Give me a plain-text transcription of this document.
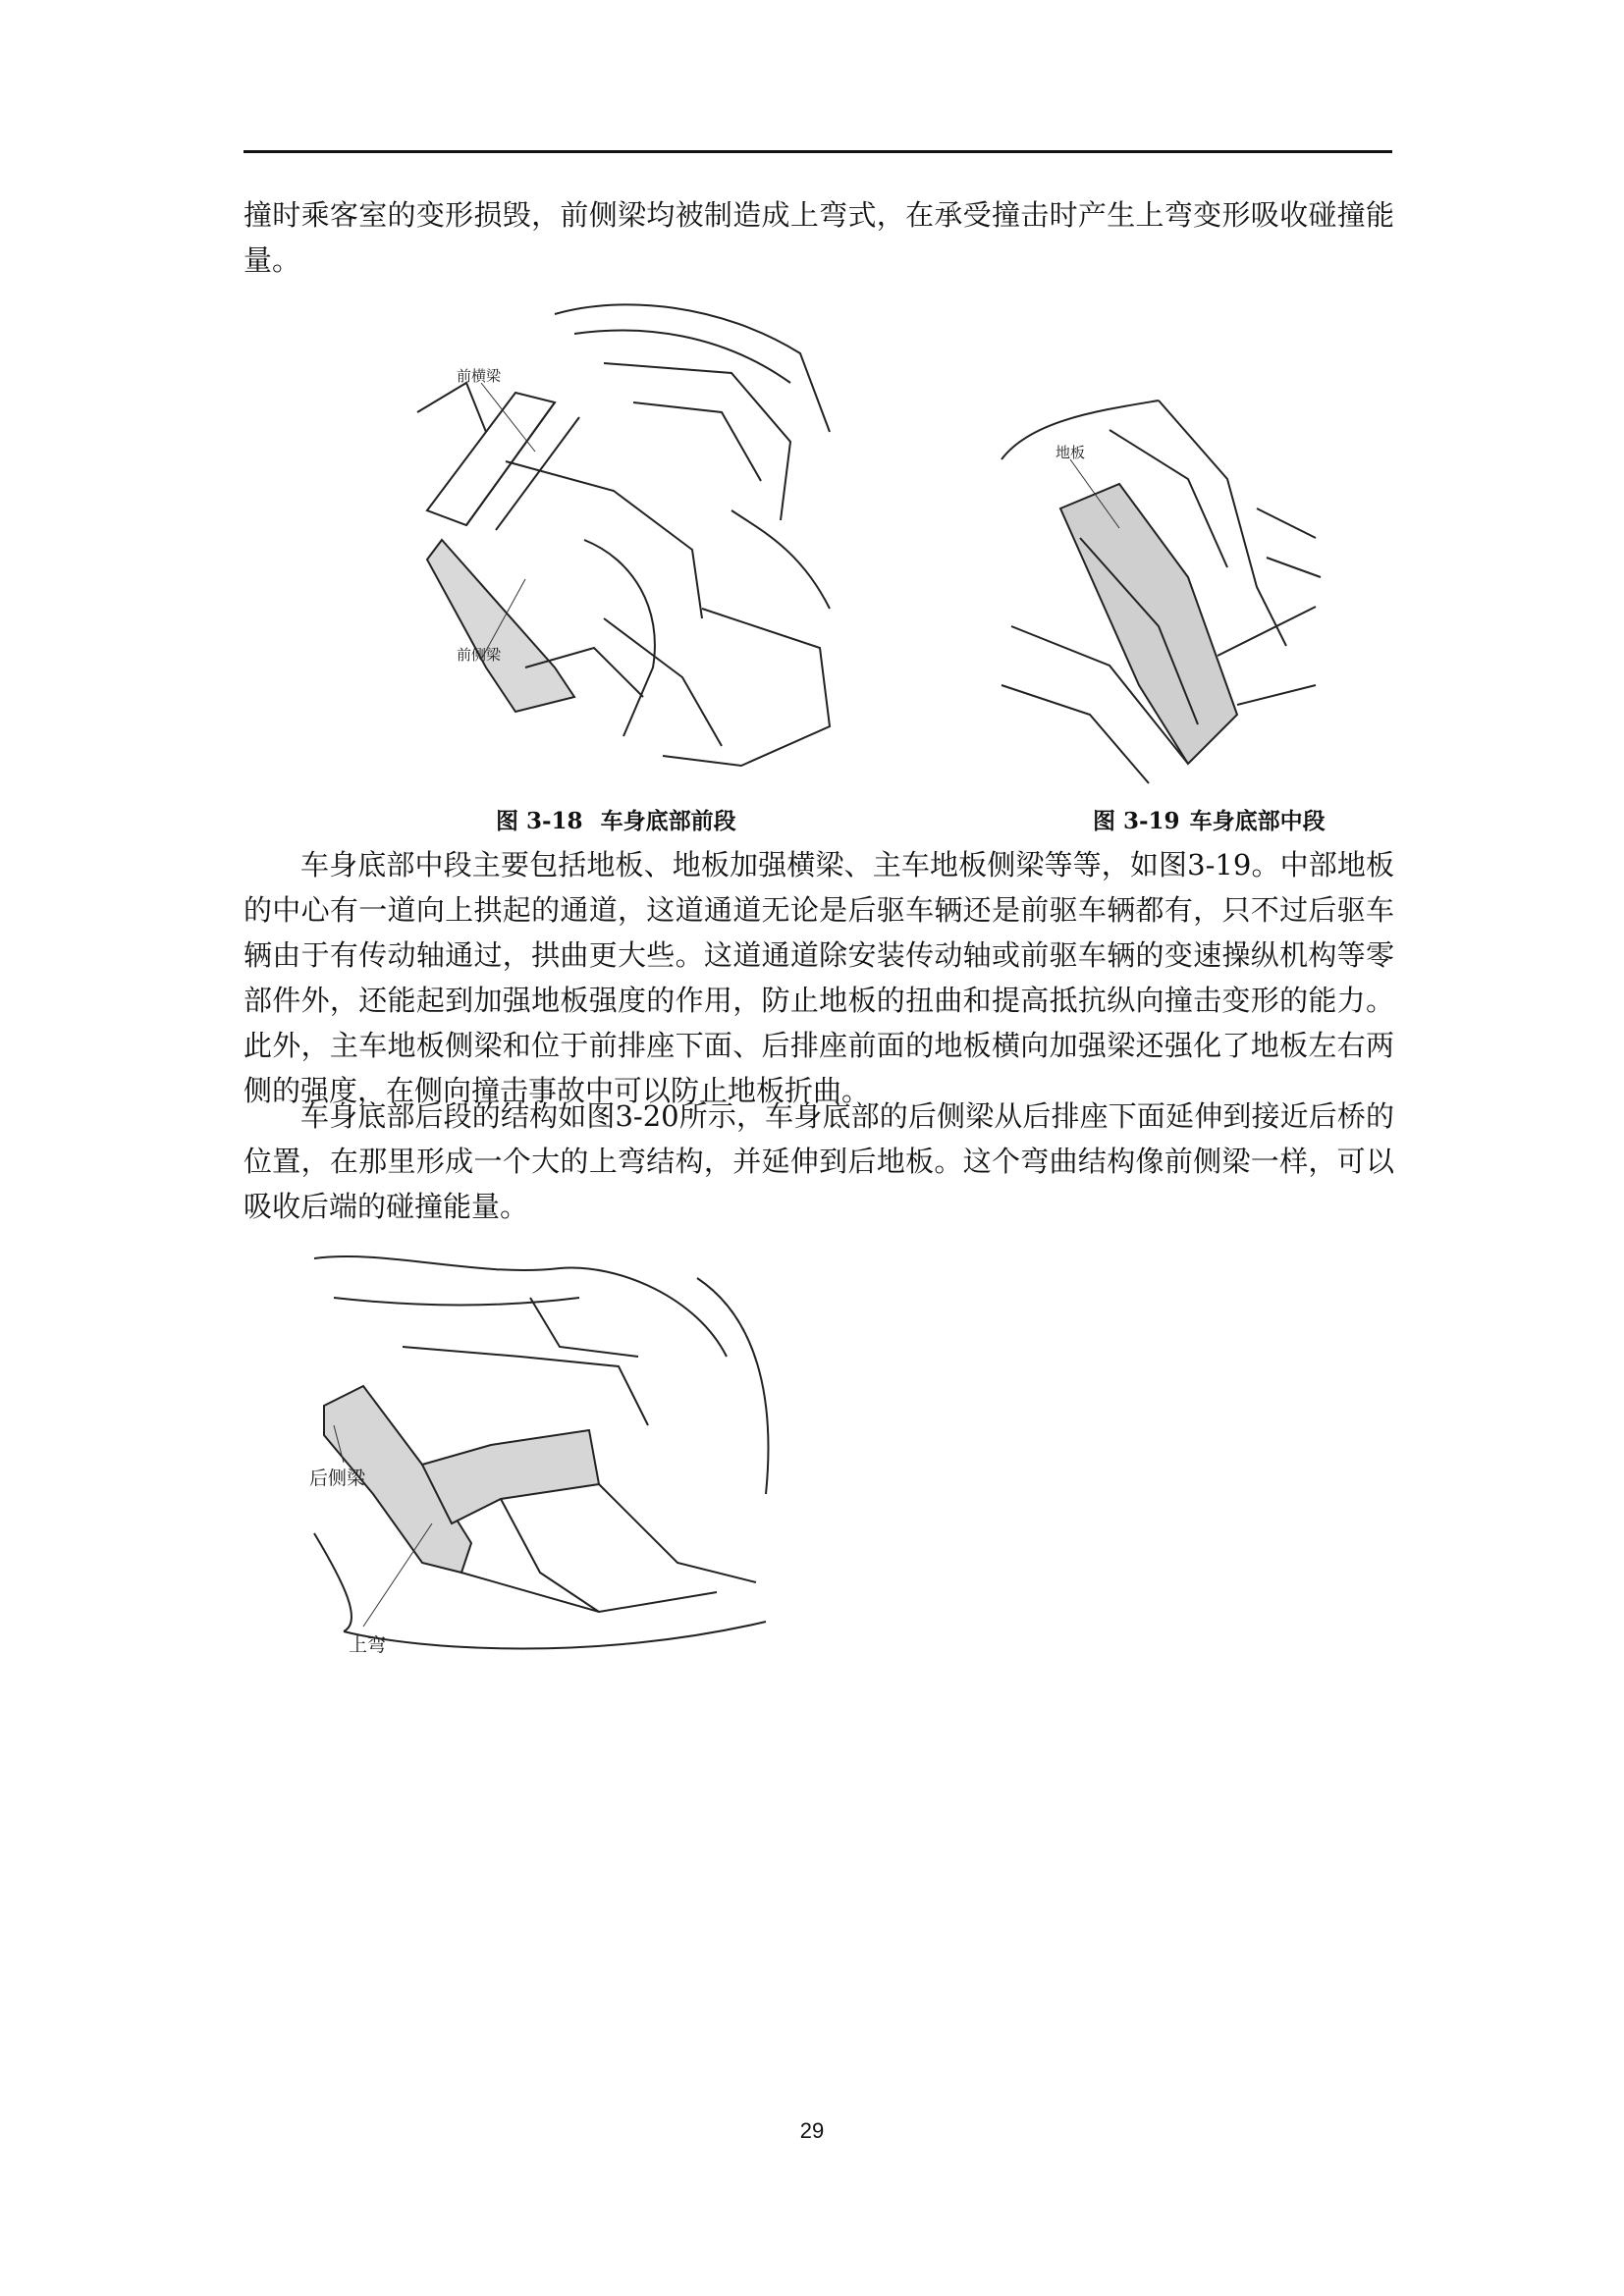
撞时乘客室的变形损毁，前侧梁均被制造成上弯式，在承受撞击时产生上弯变形吸收碰撞能量。

前横梁
前侧梁
地板
图 3-18 车身底部前段	图 3-19 车身底部中段

车身底部中段主要包括地板、地板加强横梁、主车地板侧梁等等，如图3-19。中部地板的中心有一道向上拱起的通道，这道通道无论是后驱车辆还是前驱车辆都有，只不过后驱车辆由于有传动轴通过，拱曲更大些。这道通道除安装传动轴或前驱车辆的变速操纵机构等零部件外，还能起到加强地板强度的作用，防止地板的扭曲和提高抵抗纵向撞击变形的能力。此外，主车地板侧梁和位于前排座下面、后排座前面的地板横向加强梁还强化了地板左右两侧的强度，在侧向撞击事故中可以防止地板折曲。

车身底部后段的结构如图3-20所示，车身底部的后侧梁从后排座下面延伸到接近后桥的位置，在那里形成一个大的上弯结构，并延伸到后地板。这个弯曲结构像前侧梁一样，可以吸收后端的碰撞能量。

后侧梁
上弯
29
